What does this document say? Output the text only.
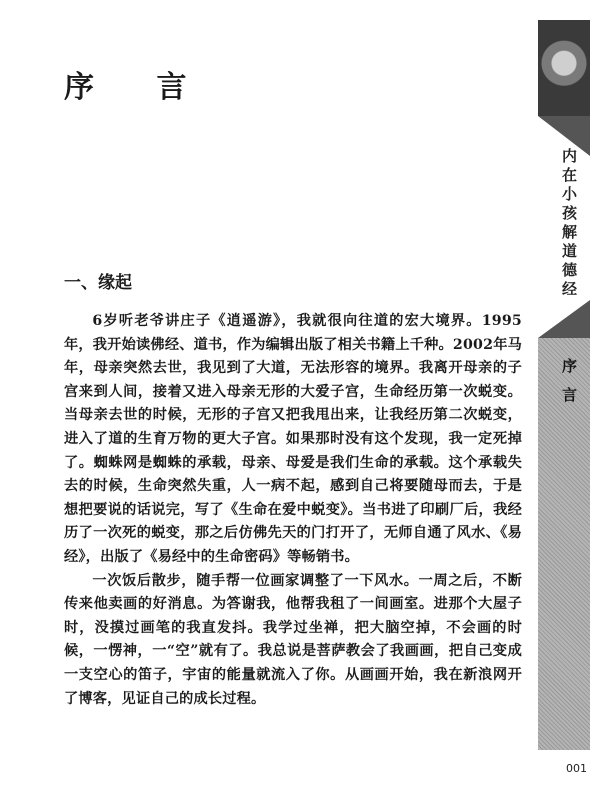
序 言
一、缘起

6岁听老爷讲庄子《逍遥游》，我就很向往道的宏大境界。1995年，我开始读佛经、道书，作为编辑出版了相关书籍上千种。2002年马年，母亲突然去世，我见到了大道，无法形容的境界。我离开母亲的子宫来到人间，接着又进入母亲无形的大爱子宫，生命经历第一次蜕变。当母亲去世的时候，无形的子宫又把我甩出来，让我经历第二次蜕变，进入了道的生育万物的更大子宫。如果那时没有这个发现，我一定死掉了。蜘蛛网是蜘蛛的承载，母亲、母爱是我们生命的承载。这个承载失去的时候，生命突然失重，人一病不起，感到自己将要随母而去，于是想把要说的话说完，写了《生命在爱中蜕变》。当书进了印刷厂后，我经历了一次死的蜕变，那之后仿佛先天的门打开了，无师自通了风水、《易经》，出版了《易经中的生命密码》等畅销书。

一次饭后散步，随手帮一位画家调整了一下风水。一周之后，不断传来他卖画的好消息。为答谢我，他帮我租了一间画室。进那个大屋子时，没摸过画笔的我直发抖。我学过坐禅，把大脑空掉，不会画的时候，一愣神，一“空”就有了。我总说是菩萨教会了我画画，把自己变成一支空心的笛子，宇宙的能量就流入了你。从画画开始，我在新浪网开了博客，见证自己的成长过程。

内在小孩解道德经
序言
001
